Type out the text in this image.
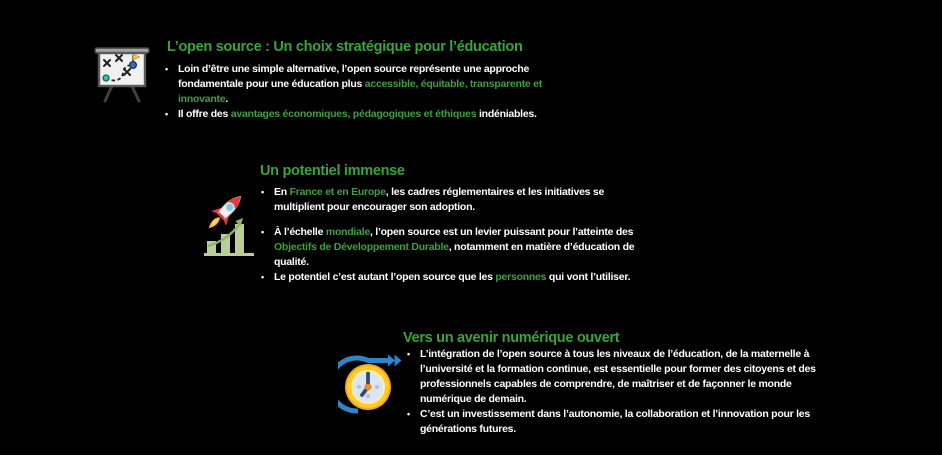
L’open source : Un choix stratégique pour l’éducation
• Loin d’être une simple alternative, l’open source représente une approche
fondamentale pour une éducation plus accessible, équitable, transparente et
innovante.
• Il offre des avantages économiques, pédagogiques et éthiques indéniables.
Un potentiel immense
• En France et en Europe, les cadres réglementaires et les initiatives se
multiplient pour encourager son adoption.
• À l’échelle mondiale, l’open source est un levier puissant pour l’atteinte des
Objectifs de Développement Durable, notamment en matière d’éducation de
qualité.
• Le potentiel c’est autant l’open source que les personnes qui vont l’utiliser.
Vers un avenir numérique ouvert
• L’intégration de l’open source à tous les niveaux de l’éducation, de la maternelle à
l’université et la formation continue, est essentielle pour former des citoyens et des
professionnels capables de comprendre, de maîtriser et de façonner le monde
numérique de demain.
• C’est un investissement dans l’autonomie, la collaboration et l’innovation pour les
générations futures.
